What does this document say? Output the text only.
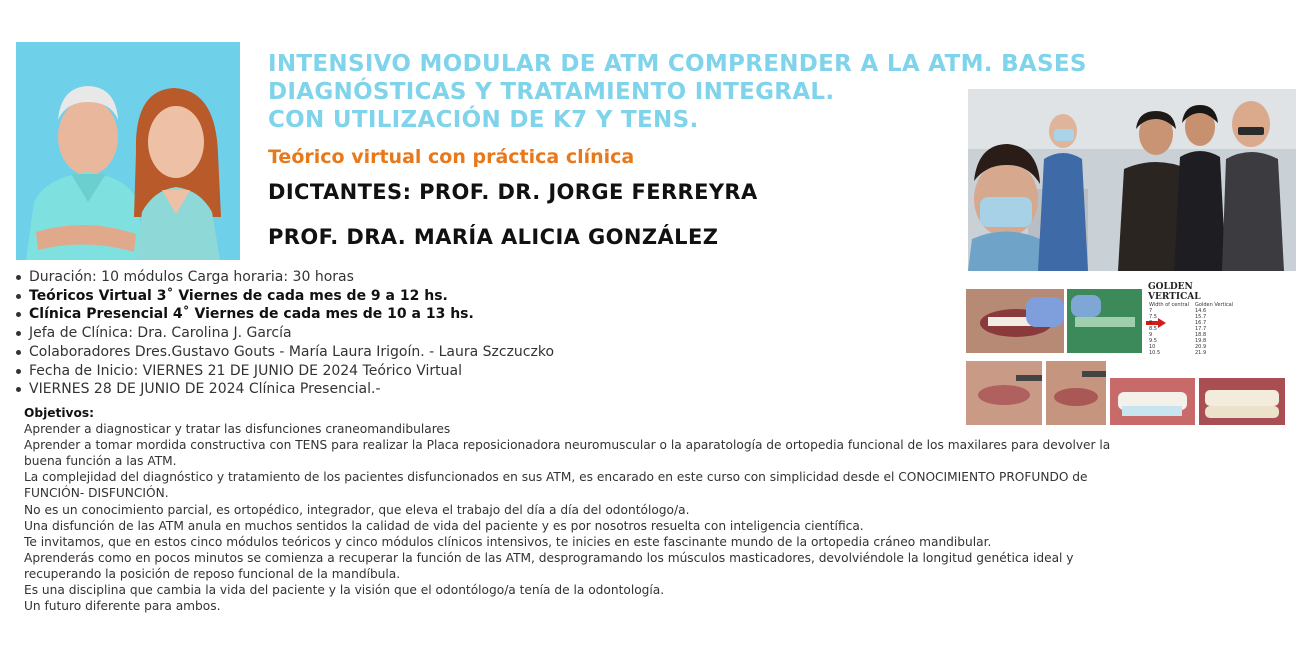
INTENSIVO MODULAR DE ATM COMPRENDER A LA ATM. BASES
DIAGNÓSTICAS Y TRATAMIENTO INTEGRAL.
CON UTILIZACIÓN DE K7 Y TENS.
Teórico virtual con práctica clínica
DICTANTES: PROF. DR. JORGE FERREYRA
PROF. DRA. MARÍA ALICIA GONZÁLEZ
GOLDEN VERTICAL
Width of central	Golden Vertical
7	14.6
7.5	15.7
8	16.7
8.5	17.7
9	18.8
9.5	19.8
10	20.9
10.5	21.9
Duración: 10 módulos Carga horaria: 30 horas
Teóricos Virtual 3˚ Viernes de cada mes de 9 a 12 hs.
Clínica Presencial 4˚ Viernes de cada mes de 10 a 13 hs.
Jefa de Clínica: Dra. Carolina J. García
Colaboradores Dres.Gustavo Gouts - María Laura Irigoín. - Laura Szczuczko
Fecha de Inicio: VIERNES 21 DE JUNIO DE 2024 Teórico Virtual
VIERNES 28 DE JUNIO DE 2024 Clínica Presencial.-
Objetivos:

Aprender a diagnosticar y tratar las disfunciones craneomandibulares

Aprender a tomar mordida constructiva con TENS para realizar la Placa reposicionadora neuromuscular o la aparatología de ortopedia funcional de los maxilares para devolver la

buena función a las ATM.

La complejidad del diagnóstico y tratamiento de los pacientes disfuncionados en sus ATM, es encarado en este curso con simplicidad desde el CONOCIMIENTO PROFUNDO de

FUNCIÓN- DISFUNCIÓN.

No es un conocimiento parcial, es ortopédico, integrador, que eleva el trabajo del día a día del odontólogo/a.

Una disfunción de las ATM anula en muchos sentidos la calidad de vida del paciente y es por nosotros resuelta con inteligencia científica.

Te invitamos, que en estos cinco módulos teóricos y cinco módulos clínicos intensivos, te inicies en este fascinante mundo de la ortopedia cráneo mandibular.

Aprenderás como en pocos minutos se comienza a recuperar la función de las ATM, desprogramando los músculos masticadores, devolviéndole la longitud genética ideal y

recuperando la posición de reposo funcional de la mandíbula.

Es una disciplina que cambia la vida del paciente y la visión que el odontólogo/a tenía de la odontología.

Un futuro diferente para ambos.
